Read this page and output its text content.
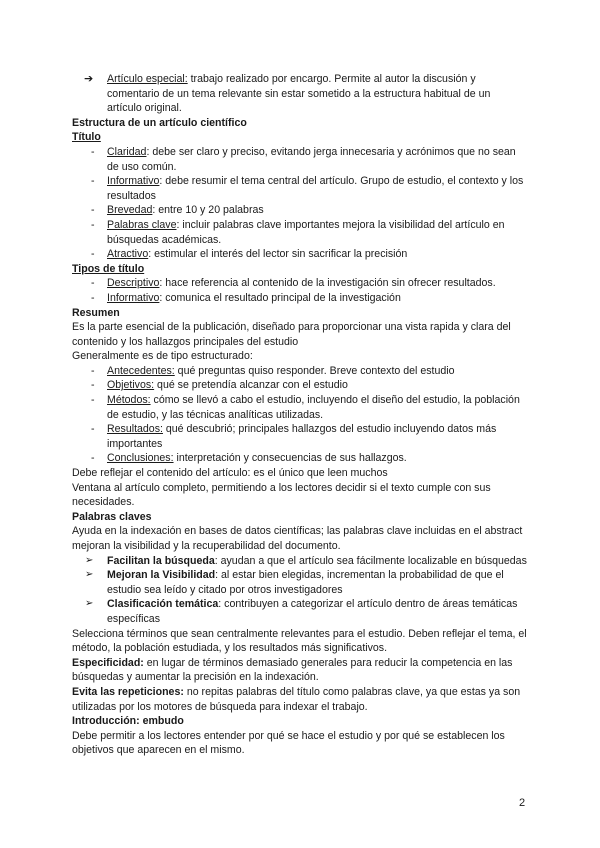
➔ Artículo especial: trabajo realizado por encargo. Permite al autor la discusión y comentario de un tema relevante sin estar sometido a la estructura habitual de un artículo original.

Estructura de un artículo científico

Título

- Claridad: debe ser claro y preciso, evitando jerga innecesaria y acrónimos que no sean de uso común.

- Informativo: debe resumir el tema central del artículo. Grupo de estudio, el contexto y los resultados

- Brevedad: entre 10 y 20 palabras

- Palabras clave: incluir palabras clave importantes mejora la visibilidad del artículo en búsquedas académicas.

- Atractivo: estimular el interés del lector sin sacrificar la precisión

Tipos de título

- Descriptivo: hace referencia al contenido de la investigación sin ofrecer resultados.

- Informativo: comunica el resultado principal de la investigación

Resumen

Es la parte esencial de la publicación, diseñado para proporcionar una vista rapida y clara del contenido y los hallazgos principales del estudio

Generalmente es de tipo estructurado:

- Antecedentes: qué preguntas quiso responder. Breve contexto del estudio

- Objetivos: qué se pretendía alcanzar con el estudio

- Métodos: cómo se llevó a cabo el estudio, incluyendo el diseño del estudio, la población de estudio, y las técnicas analíticas utilizadas.

- Resultados: qué descubrió; principales hallazgos del estudio incluyendo datos más importantes

- Conclusiones: interpretación y consecuencias de sus hallazgos.

Debe reflejar el contenido del artículo: es el único que leen muchos

Ventana al artículo completo, permitiendo a los lectores decidir si el texto cumple con sus necesidades.

Palabras claves

Ayuda en la indexación en bases de datos científicas; las palabras clave incluidas en el abstract mejoran la visibilidad y la recuperabilidad del documento.

➢ Facilitan la búsqueda: ayudan a que el artículo sea fácilmente localizable en búsquedas

➢ Mejoran la Visibilidad: al estar bien elegidas, incrementan la probabilidad de que el estudio sea leído y citado por otros investigadores

➢ Clasificación temática: contribuyen a categorizar el artículo dentro de áreas temáticas específicas

Selecciona términos que sean centralmente relevantes para el estudio. Deben reflejar el tema, el método, la población estudiada, y los resultados más significativos.

Especificidad: en lugar de términos demasiado generales para reducir la competencia en las búsquedas y aumentar la precisión en la indexación.

Evita las repeticiones: no repitas palabras del título como palabras clave, ya que estas ya son utilizadas por los motores de búsqueda para indexar el trabajo.

Introducción: embudo

Debe permitir a los lectores entender por qué se hace el estudio y por qué se establecen los objetivos que aparecen en el mismo.

2
